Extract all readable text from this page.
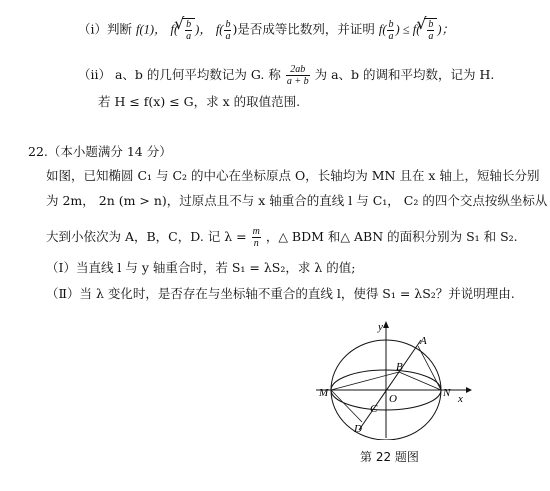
（i）判断 f(1)， f( √ $\frac{b}{a}$ )， $f( \frac{b}{a}$ )是否成等比数列，并证明 $f( \frac{b}{a}$ ) ≤ f( √ $\frac{b}{a}$ )；
（ii） a、b 的几何平均数记为 G. 称 $\frac{2ab}{a + b}$ 为 a、b 的调和平均数，记为 H.
若 H ≤ f(x) ≤ G，求 x 的取值范围.
22.（本小题满分 14 分）
如图，已知椭圆 C₁ 与 C₂ 的中心在坐标原点 O，长轴均为 MN 且在 x 轴上，短轴长分别
为 2m， 2n (m > n)，过原点且不与 x 轴重合的直线 l 与 C₁， C₂ 的四个交点按纵坐标从
大到小依次为 A，B，C，D. 记 $\lambda = \frac{m}{n}$ ，△ BDM 和△ ABN 的面积分别为 S₁ 和 S₂.
（Ⅰ）当直线 l 与 y 轴重合时，若 S₁ = λS₂，求 λ 的值;
（Ⅱ）当 λ 变化时，是否存在与坐标轴不重合的直线 l，使得 S₁ = λS₂？并说明理由.
y
x
A
B
C
D
M	N
O
第 22 题图
